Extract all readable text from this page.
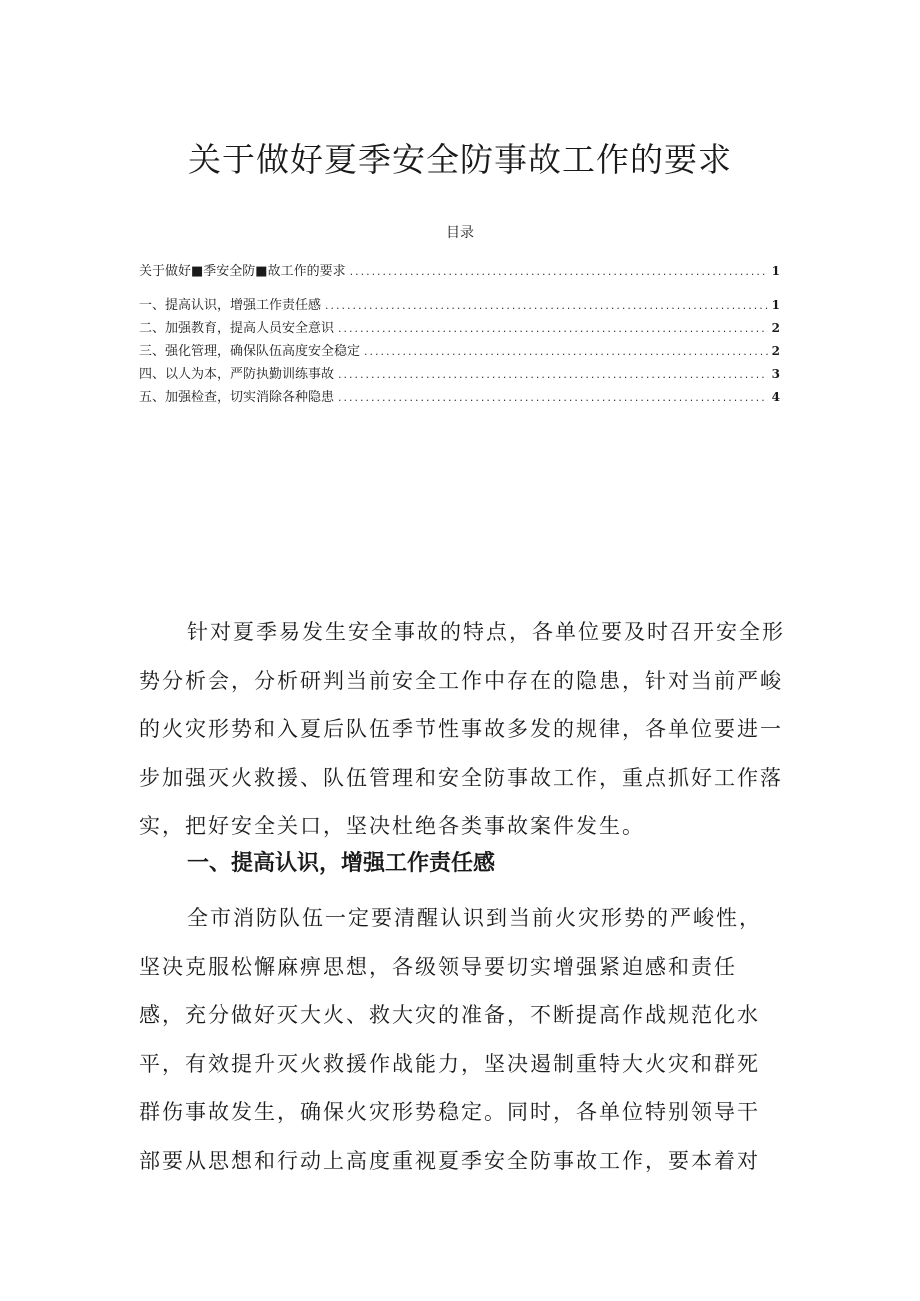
关于做好夏季安全防事故工作的要求
目录
关于做好■季安全防■故工作的要求 .....	1
一、提高认识，增强工作责任感 .....	1
二、加强教育，提高人员安全意识 .....	2
三、强化管理，确保队伍高度安全稳定 .....	2
四、以人为本，严防执勤训练事故 .....	3
五、加强检查，切实消除各种隐患 .....	4

针对夏季易发生安全事故的特点，各单位要及时召开安全形势分析会，分析研判当前安全工作中存在的隐患，针对当前严峻的火灾形势和入夏后队伍季节性事故多发的规律，各单位要进一步加强灭火救援、队伍管理和安全防事故工作，重点抓好工作落实，把好安全关口，坚决杜绝各类事故案件发生。

一、提高认识，增强工作责任感

全市消防队伍一定要清醒认识到当前火灾形势的严峻性，坚决克服松懈麻痹思想，各级领导要切实增强紧迫感和责任感，充分做好灭大火、救大灾的准备，不断提高作战规范化水平，有效提升灭火救援作战能力，坚决遏制重特大火灾和群死群伤事故发生，确保火灾形势稳定。同时，各单位特别领导干部要从思想和行动上高度重视夏季安全防事故工作，要本着对
